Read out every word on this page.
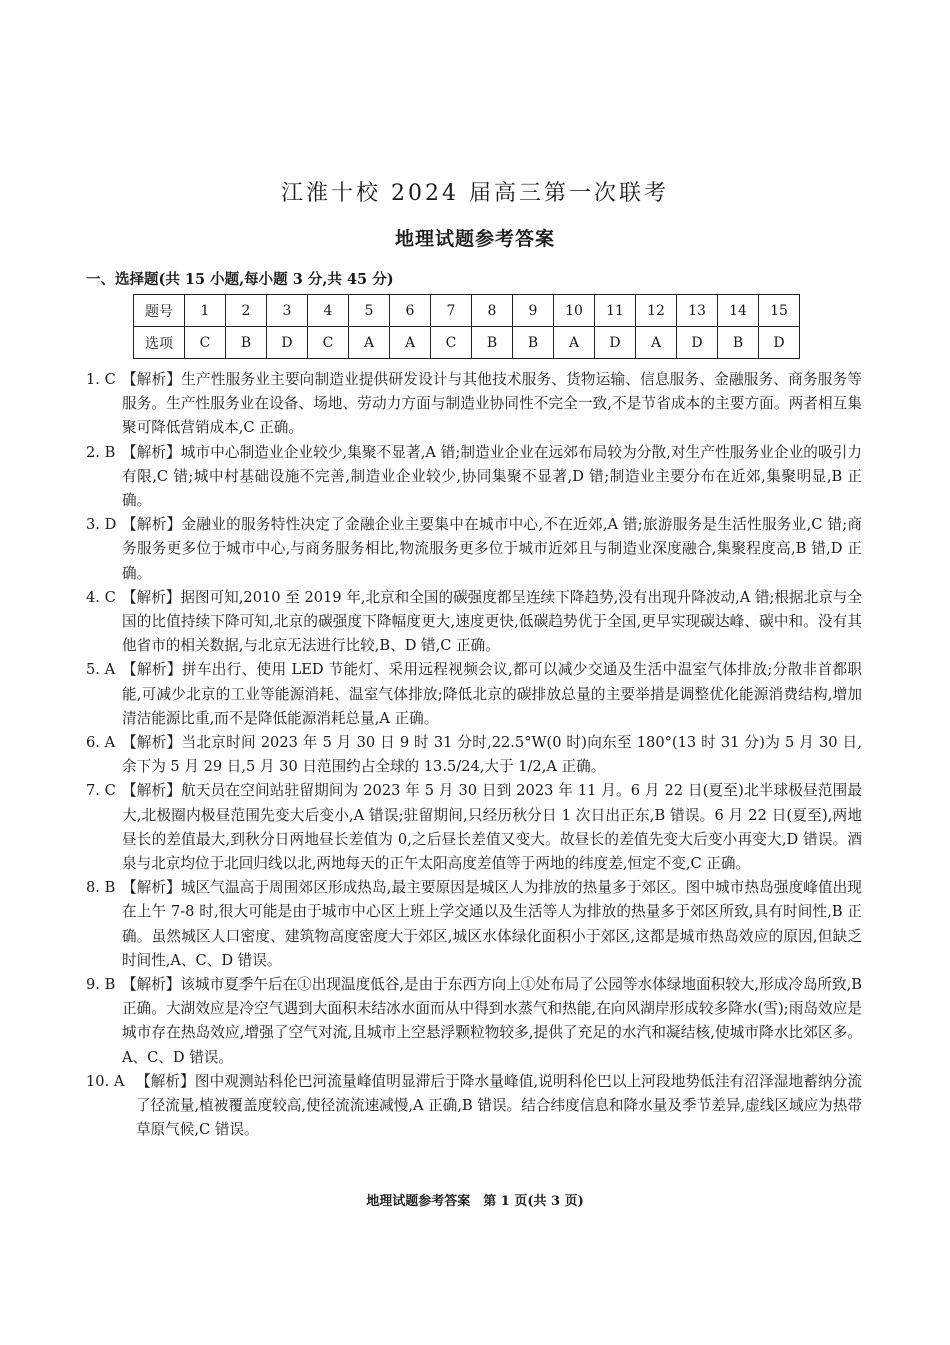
江淮十校 2024 届高三第一次联考
地理试题参考答案
一、选择题(共 15 小题,每小题 3 分,共 45 分)
题号	1	2	3	4	5	6	7	8	9	10	11	12	13	14	15
选项	C	B	D	C	A	A	C	B	B	A	D	A	D	B	D
1. C 【解析】生产性服务业主要向制造业提供研发设计与其他技术服务、货物运输、信息服务、金融服务、商务服务等服务。生产性服务业在设备、场地、劳动力方面与制造业协同性不完全一致,不是节省成本的主要方面。两者相互集聚可降低营销成本,C 正确。
2. B 【解析】城市中心制造业企业较少,集聚不显著,A 错;制造业企业在远郊布局较为分散,对生产性服务业企业的吸引力有限,C 错;城中村基础设施不完善,制造业企业较少,协同集聚不显著,D 错;制造业主要分布在近郊,集聚明显,B 正确。
3. D 【解析】金融业的服务特性决定了金融企业主要集中在城市中心,不在近郊,A 错;旅游服务是生活性服务业,C 错;商务服务更多位于城市中心,与商务服务相比,物流服务更多位于城市近郊且与制造业深度融合,集聚程度高,B 错,D 正确。
4. C 【解析】据图可知,2010 至 2019 年,北京和全国的碳强度都呈连续下降趋势,没有出现升降波动,A 错;根据北京与全国的比值持续下降可知,北京的碳强度下降幅度更大,速度更快,低碳趋势优于全国,更早实现碳达峰、碳中和。没有其他省市的相关数据,与北京无法进行比较,B、D 错,C 正确。
5. A 【解析】拼车出行、使用 LED 节能灯、采用远程视频会议,都可以减少交通及生活中温室气体排放;分散非首都职能,可减少北京的工业等能源消耗、温室气体排放;降低北京的碳排放总量的主要举措是调整优化能源消费结构,增加清洁能源比重,而不是降低能源消耗总量,A 正确。
6. A 【解析】当北京时间 2023 年 5 月 30 日 9 时 31 分时,22.5°W(0 时)向东至 180°(13 时 31 分)为 5 月 30 日,余下为 5 月 29 日,5 月 30 日范围约占全球的 13.5/24,大于 1/2,A 正确。
7. C 【解析】航天员在空间站驻留期间为 2023 年 5 月 30 日到 2023 年 11 月。6 月 22 日(夏至)北半球极昼范围最大,北极圈内极昼范围先变大后变小,A 错误;驻留期间,只经历秋分日 1 次日出正东,B 错误。6 月 22 日(夏至),两地昼长的差值最大,到秋分日两地昼长差值为 0,之后昼长差值又变大。故昼长的差值先变大后变小再变大,D 错误。酒泉与北京均位于北回归线以北,两地每天的正午太阳高度差值等于两地的纬度差,恒定不变,C 正确。
8. B 【解析】城区气温高于周围郊区形成热岛,最主要原因是城区人为排放的热量多于郊区。图中城市热岛强度峰值出现在上午 7-8 时,很大可能是由于城市中心区上班上学交通以及生活等人为排放的热量多于郊区所致,具有时间性,B 正确。虽然城区人口密度、建筑物高度密度大于郊区,城区水体绿化面积小于郊区,这都是城市热岛效应的原因,但缺乏时间性,A、C、D 错误。
9. B 【解析】该城市夏季午后在①出现温度低谷,是由于东西方向上①处布局了公园等水体绿地面积较大,形成冷岛所致,B 正确。大湖效应是冷空气遇到大面积未结冰水面而从中得到水蒸气和热能,在向风湖岸形成较多降水(雪);雨岛效应是城市存在热岛效应,增强了空气对流,且城市上空悬浮颗粒物较多,提供了充足的水汽和凝结核,使城市降水比郊区多。A、C、D 错误。
10. A 【解析】图中观测站科伦巴河流量峰值明显滞后于降水量峰值,说明科伦巴以上河段地势低洼有沼泽湿地蓄纳分流了径流量,植被覆盖度较高,使径流流速减慢,A 正确,B 错误。结合纬度信息和降水量及季节差异,虚线区域应为热带草原气候,C 错误。
地理试题参考答案　第 1 页(共 3 页)
